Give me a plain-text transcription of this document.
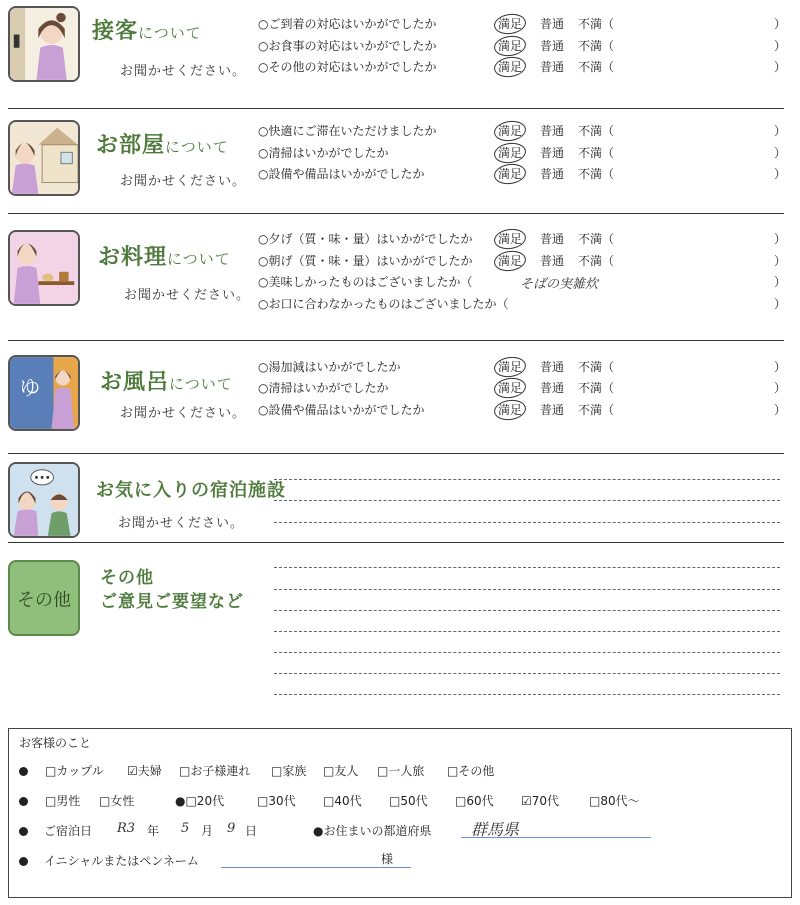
接客について
お聞かせください。
お部屋について
お聞かせください。
お料理について
お聞かせください。
ゆ	お風呂について
お聞かせください。
お気に入りの宿泊施設
お聞かせください。
その他
その他
ご意見ご要望など
○ご到着の対応はいかがでしたか	満足 普通 不満（	）
○お食事の対応はいかがでしたか	満足 普通 不満（	）
○その他の対応はいかがでしたか	満足 普通 不満（	）
○快適にご滞在いただけましたか	満足 普通 不満（	）
○清掃はいかがでしたか	満足 普通 不満（	）
○設備や備品はいかがでしたか	満足 普通 不満（	）
○夕げ（質・味・量）はいかがでしたか 満足 普通 不満（	）
○朝げ（質・味・量）はいかがでしたか 満足 普通 不満（	）
○美味しかったものはございましたか（	そばの実雑炊	）
○お口に合わなかったものはございましたか（	）
○湯加減はいかがでしたか	満足 普通 不満（	）
○清掃はいかがでしたか	満足 普通 不満（	）
○設備や備品はいかがでしたか	満足 普通 不満（	）
お客様のこと
□カップル ☑夫婦 □お子様連れ □家族 □友人 □一人旅 □その他
□男性 □女性	●□20代	□30代 □40代 □50代 □60代 ☑70代 □80代〜
ご宿泊日 R3 年 5 月 9 日	●お住まいの都道府県 群馬県
イニシャルまたはペンネーム	様
